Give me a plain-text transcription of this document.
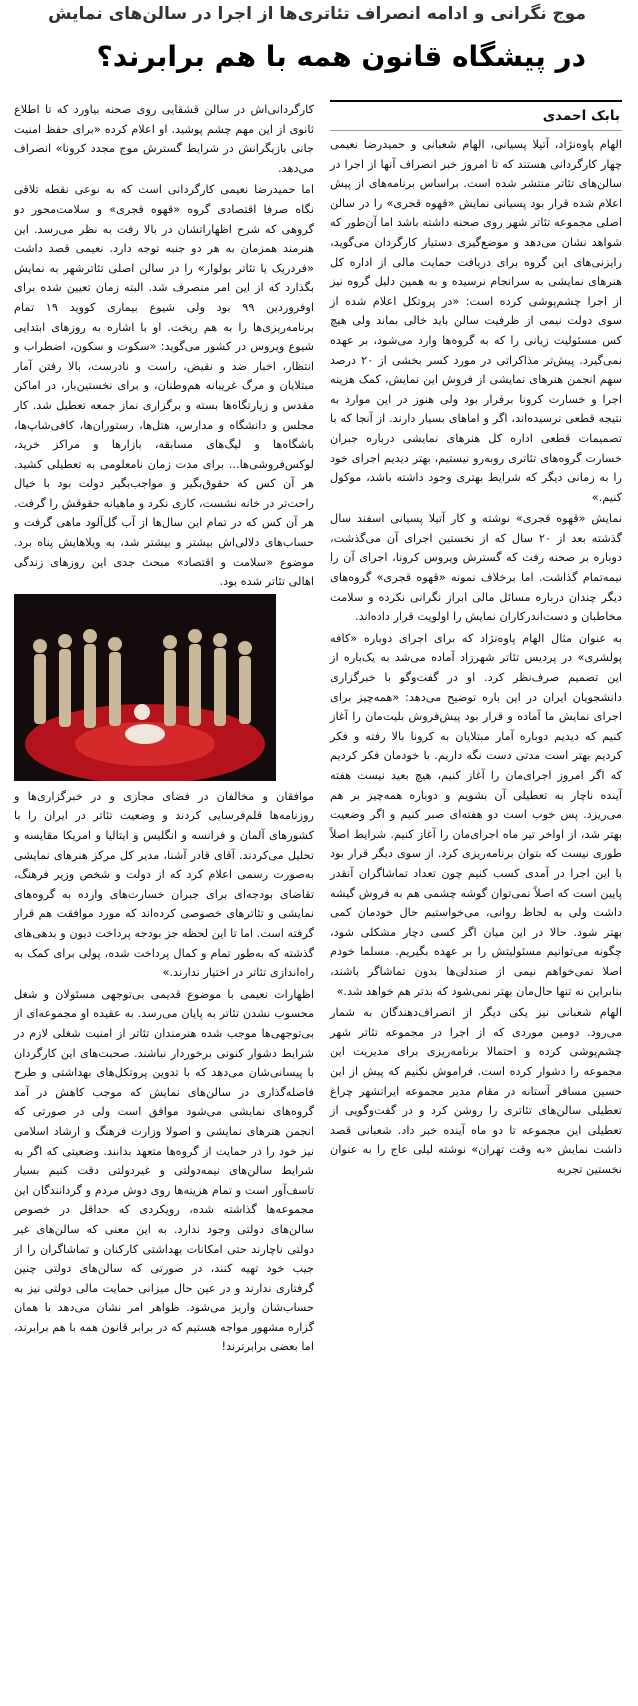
موج نگرانی و ادامه انصراف تئاتری‌ها از اجرا در سالن‌های نمایش
در پیشگاه قانون همه با هم برابرند؟
بابک احمدی

الهام پاوه‌نژاد، آتیلا پسیانی، الهام شعبانی و حمیدرضا نعیمی چهار کارگردانی هستند که تا امروز خبر انصراف آنها از اجرا در سالن‌های تئاتر منتشر شده است. براساس برنامه‌های از پیش اعلام شده قرار بود پسیانی نمایش «قهوه قجری» را در سالن اصلی مجموعه تئاتر شهر روی صحنه داشته باشد اما آن‌طور که شواهد نشان می‌دهد و موضع‌گیری دستیار کارگردان می‌گوید، رایزنی‌های این گروه برای دریافت حمایت مالی از اداره کل هنرهای نمایشی به سرانجام نرسیده و به همین دلیل گروه نیز از اجرا چشم‌پوشی کرده است: «در پروتکل اعلام شده از سوی دولت نیمی از ظرفیت سالن باید خالی بماند ولی هیچ کس مسئولیت زیانی را که به گروه‌ها وارد می‌شود، بر عهده نمی‌گیرد. پیش‌تر مذاکراتی در مورد کسر بخشی از ۲۰ درصد سهم انجمن هنرهای نمایشی از فروش این نمایش، کمک هزینه اجرا و خسارت کرونا برقرار بود ولی هنوز در این موارد به نتیجه قطعی نرسیده‌اند، اگر و اماهای بسیار دارند. از آنجا که با تصمیمات قطعی اداره کل هنرهای نمایشی درباره جبران خسارت گروه‌های تئاتری روبه‌رو نیستیم، بهتر دیدیم اجرای خود را به زمانی دیگر که شرایط بهتری وجود داشته باشد، موکول کنیم.»

نمایش «قهوه قجری» نوشته و کار آتیلا پسیانی اسفند سال گذشته بعد از ۲۰ سال که از نخستین اجرای آن می‌گذشت، دوباره بر صحنه رفت که گسترش ویروس کرونا، اجرای آن را نیمه‌تمام گذاشت. اما برخلاف نمونه «قهوه قجری» گروه‌های دیگر چندان درباره مسائل مالی ابراز نگرانی نکرده و سلامت مخاطبان و دست‌اندرکاران نمایش را اولویت قرار داده‌اند.

به عنوان مثال الهام پاوه‌نژاد که برای اجرای دوباره «کافه پولشری» در پردیس تئاتر شهرزاد آماده می‌شد به یک‌باره از این تصمیم صرف‌نظر کرد. او در گفت‌وگو با خبرگزاری دانشجویان ایران در این باره توضیح می‌دهد: «همه‌چیز برای اجرای نمایش ما آماده و قرار بود پیش‌فروش بلیت‌مان را آغاز کنیم که دیدیم دوباره آمار مبتلایان به کرونا بالا رفته و فکر کردیم بهتر است مدتی دست نگه داریم. با خودمان فکر کردیم که اگر امروز اجرای‌مان را آغاز کنیم، هیچ بعید نیست هفته آینده ناچار به تعطیلی آن بشویم و دوباره همه‌چیز بر هم می‌ریزد. پس خوب است دو هفته‌ای صبر کنیم و اگر وضعیت بهتر شد، از اواخر تیر ماه اجرای‌مان را آغاز کنیم. شرایط اصلاً طوری نیست که بتوان برنامه‌ریزی کرد. از سوی دیگر قرار بود با این اجرا در آمدی کسب کنیم چون تعداد تماشاگران آنقدر پایین است که اصلاً نمی‌توان گوشه چشمی هم به فروش گیشه داشت ولی به لحاظ روانی، می‌خواستیم حال خودمان کمی بهتر شود. حالا در این میان اگر کسی دچار مشکلی شود، چگونه می‌توانیم مسئولیتش را بر عهده بگیریم. مسلما خودم اصلا نمی‌خواهم نیمی از صندلی‌ها بدون تماشاگر باشند، بنابراین نه تنها حال‌مان بهتر نمی‌شود که بدتر هم خواهد شد.»

الهام شعبانی نیز یکی دیگر از انصراف‌دهندگان به شمار می‌رود. دومین موردی که از اجرا در مجموعه تئاتر شهر چشم‌پوشی کرده و احتمالا برنامه‌ریزی برای مدیریت این مجموعه را دشوار کرده است. فراموش نکنیم که پیش از این حسین مسافر آستانه در مقام مدیر مجموعه ایرانشهر چراغ تعطیلی سالن‌های تئاتری را روشن کرد و در گفت‌وگویی از تعطیلی این مجموعه تا دو ماه آینده خبر داد. شعبانی قصد داشت نمایش «به وقت تهران» نوشته لیلی عاج را به عنوان نخستین تجربه

کارگردانی‌اش در سالن قشقایی روی صحنه بیاورد که تا اطلاع ثانوی از این مهم چشم پوشید. او اعلام کرده «برای حفظ امنیت جانی بازیگرانش در شرایط گسترش موج مجدد کرونا» انصراف می‌دهد.

اما حمیدرضا نعیمی کارگردانی است که به نوعی نقطه تلاقی نگاه صرفا اقتصادی گروه «قهوه قجری» و سلامت‌محور دو گروهی که شرح اظهاراتشان در بالا رفت به نظر می‌رسد. این هنرمند همزمان به هر دو جنبه توجه دارد. نعیمی قصد داشت «فردریک یا تئاتر بولوار» را در سالن اصلی تئاترشهر به نمایش بگذارد که از این امر منصرف شد. البته زمان تعیین شده برای اوفروردین ۹۹ بود ولی شیوع بیماری کووید ۱۹ تمام برنامه‌ریزی‌ها را به هم ریخت. او با اشاره به روزهای ابتدایی شیوع ویروس در کشور می‌گوید: «سکوت و سکون، اضطراب و انتظار، اخبار ضد و نقیض، راست و نادرست، بالا رفتن آمار مبتلایان و مرگ غریبانه هم‌وطنان، و برای نخستین‌بار، در اماکن مقدس و زیارتگاه‌ها بسته و برگزاری نماز جمعه تعطیل شد. کار مجلس و دانشگاه و مدارس، هتل‌ها، رستوران‌ها، کافی‌شاپ‌ها، باشگاه‌ها و لیگ‌های مسابقه، بازارها و مراکز خرید، لوکس‌فروشی‌ها... برای مدت زمان نامعلومی به تعطیلی کشید. هر آن کس که حقوق‌بگیر و مواجب‌بگیر دولت بود با خیال راحت‌تر در خانه نشست، کاری نکرد و ماهیانه حقوقش را گرفت. هر آن کس که در تمام این سال‌ها از آب گل‌آلود ماهی گرفت و حساب‌های دلالی‌اش بیشتر و بیشتر شد، به ویلاهایش پناه برد. موضوع «سلامت و اقتصاد» مبحث جدی این روزهای زندگی اهالی تئاتر شده بود.

موافقان و مخالفان در فضای مجازی و در خبرگزاری‌ها و روزنامه‌ها قلم‌فرسایی کردند و وضعیت تئاتر در ایران را با کشورهای آلمان و فرانسه و انگلیس و ایتالیا و امریکا مقایسه و تحلیل می‌کردند. آقای قادر آشنا، مدیر کل مرکز هنرهای نمایشی به‌صورت رسمی اعلام کرد که از دولت و شخص وزیر فرهنگ، تقاضای بودجه‌ای برای جبران خسارت‌های وارده به گروه‌های نمایشی و تئاترهای خصوصی کرده‌اند که مورد موافقت هم قرار گرفته است. اما تا این لحظه جز بودجه پرداخت دیون و بدهی‌های گذشته که به‌طور تمام و کمال پرداخت شده، پولی برای کمک به راه‌اندازی تئاتر در اختیار ندارند.»

اظهارات نعیمی با موضوع قدیمی بی‌توجهی مسئولان و شغل محسوب نشدن تئاتر به پایان می‌رسد. به عقیده او مجموعه‌ای از بی‌توجهی‌ها موجب شده هنرمندان تئاتر از امنیت شغلی لازم در شرایط دشوار کنونی برخوردار نباشند. صحبت‌های این کارگردان با پیسانی‌شان می‌دهد که با تدوین پروتکل‌های بهداشتی و طرح فاصله‌گذاری در سالن‌های نمایش که موجب کاهش در آمد گروه‌های نمایشی می‌شود موافق است ولی در صورتی که انجمن هنرهای نمایشی و اصولا وزارت فرهنگ و ارشاد اسلامی نیز خود را در حمایت از گروه‌ها متعهد بدانند. وضعیتی که اگر به شرایط سالن‌های نیمه‌دولتی و غیردولتی دقت کنیم بسیار تاسف‌آور است و تمام هزینه‌ها روی دوش مردم و گردانندگان این مجموعه‌ها گذاشته شده، رویکردی که حداقل در خصوص سالن‌های دولتی وجود ندارد. به این معنی که سالن‌های غیر دولتی ناچارند حتی امکانات بهداشتی کارکنان و تماشاگران را از جیب خود تهیه کنند، در صورتی که سالن‌های دولتی چنین گرفتاری ندارند و در عین حال میزانی حمایت مالی دولتی نیز به حساب‌شان واریز می‌شود. ظواهر امر نشان می‌دهد با همان گزاره مشهور مواجه هستیم که در برابر قانون همه با هم برابرند، اما بعضی برابرترند!
